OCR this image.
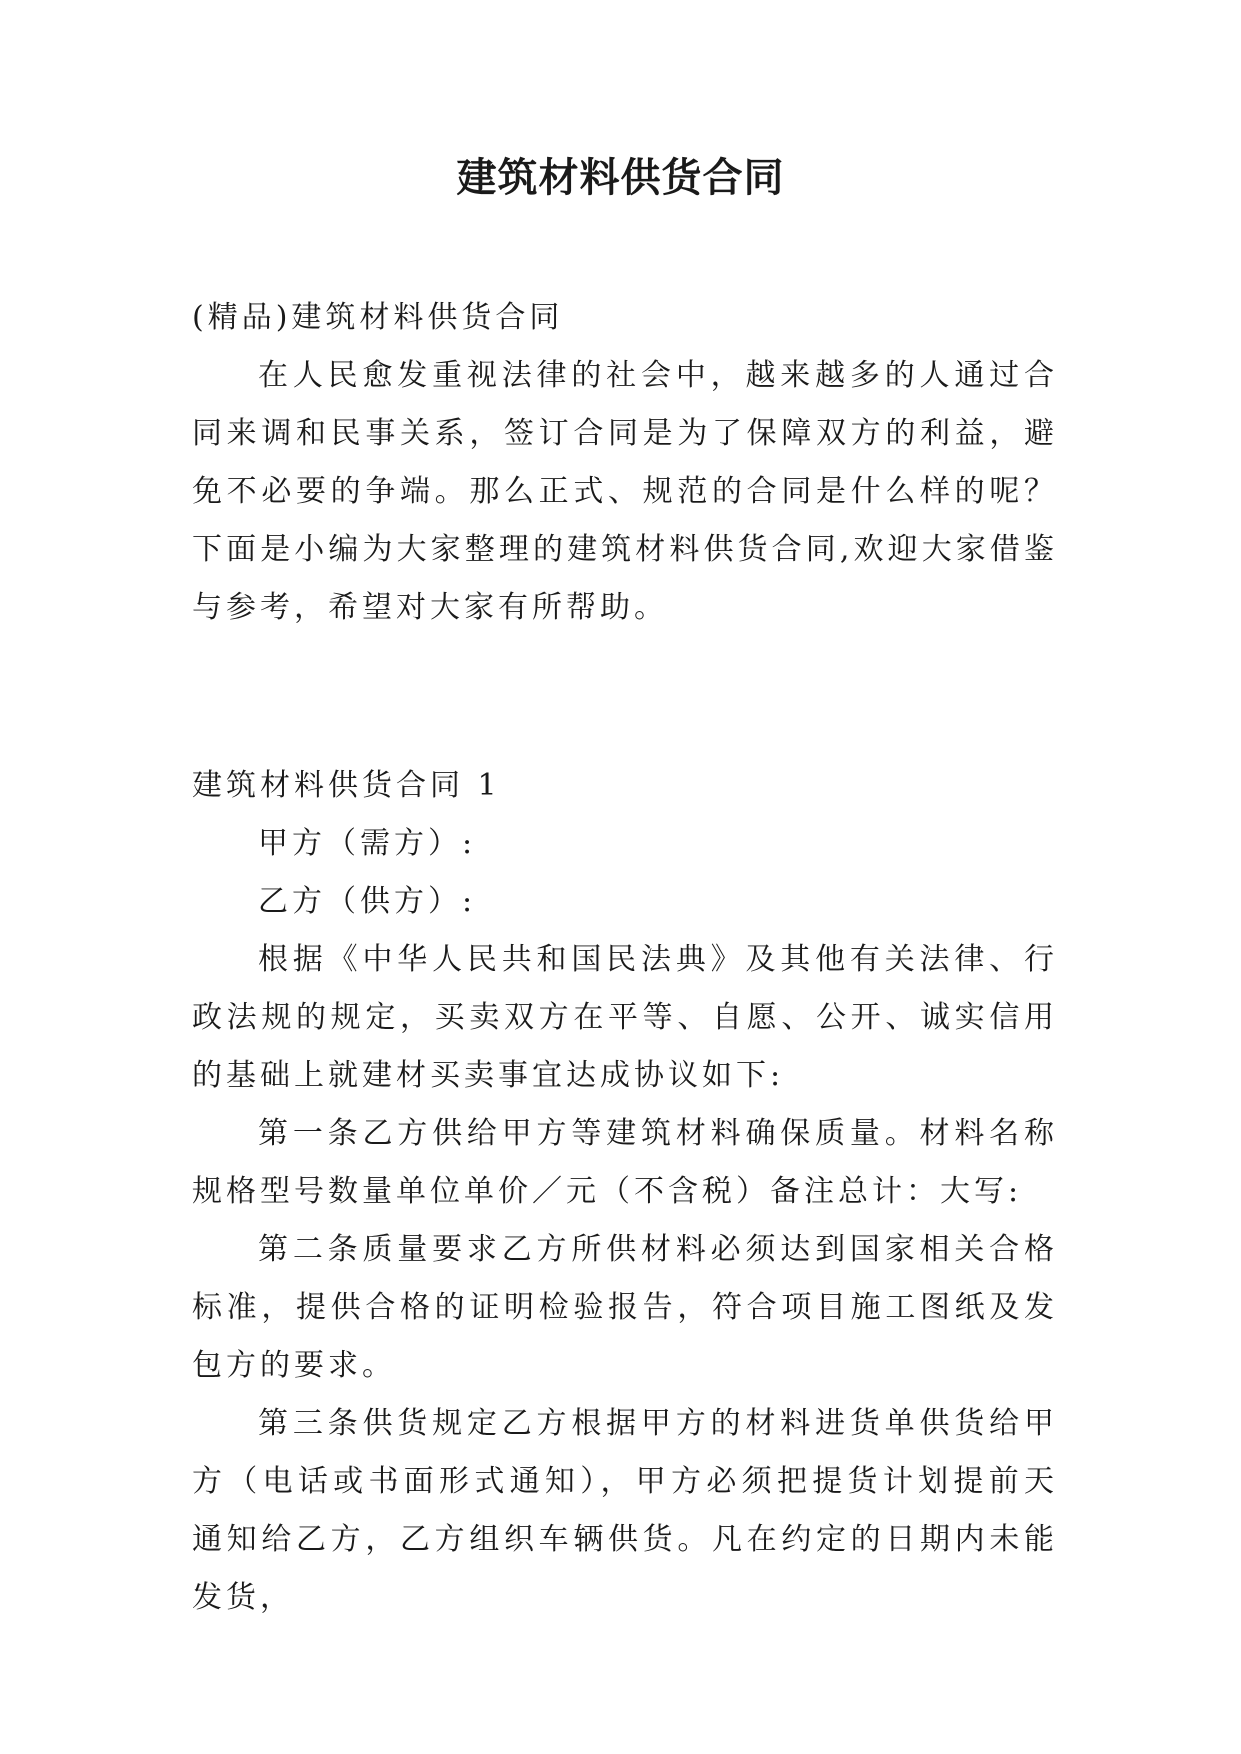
建筑材料供货合同

(精品)建筑材料供货合同

在人民愈发重视法律的社会中，越来越多的人通过合同来调和民事关系，签订合同是为了保障双方的利益，避免不必要的争端。那么正式、规范的合同是什么样的呢？下面是小编为大家整理的建筑材料供货合同,欢迎大家借鉴与参考，希望对大家有所帮助。

建筑材料供货合同 1

甲方（需方）:

乙方（供方）:

根据《中华人民共和国民法典》及其他有关法律、行政法规的规定，买卖双方在平等、自愿、公开、诚实信用的基础上就建材买卖事宜达成协议如下:

第一条乙方供给甲方等建筑材料确保质量。材料名称规格型号数量单位单价／元（不含税）备注总计：大写:

第二条质量要求乙方所供材料必须达到国家相关合格标准，提供合格的证明检验报告，符合项目施工图纸及发包方的要求。

第三条供货规定乙方根据甲方的材料进货单供货给甲方（电话或书面形式通知），甲方必须把提货计划提前天通知给乙方，乙方组织车辆供货。凡在约定的日期内未能发货，
